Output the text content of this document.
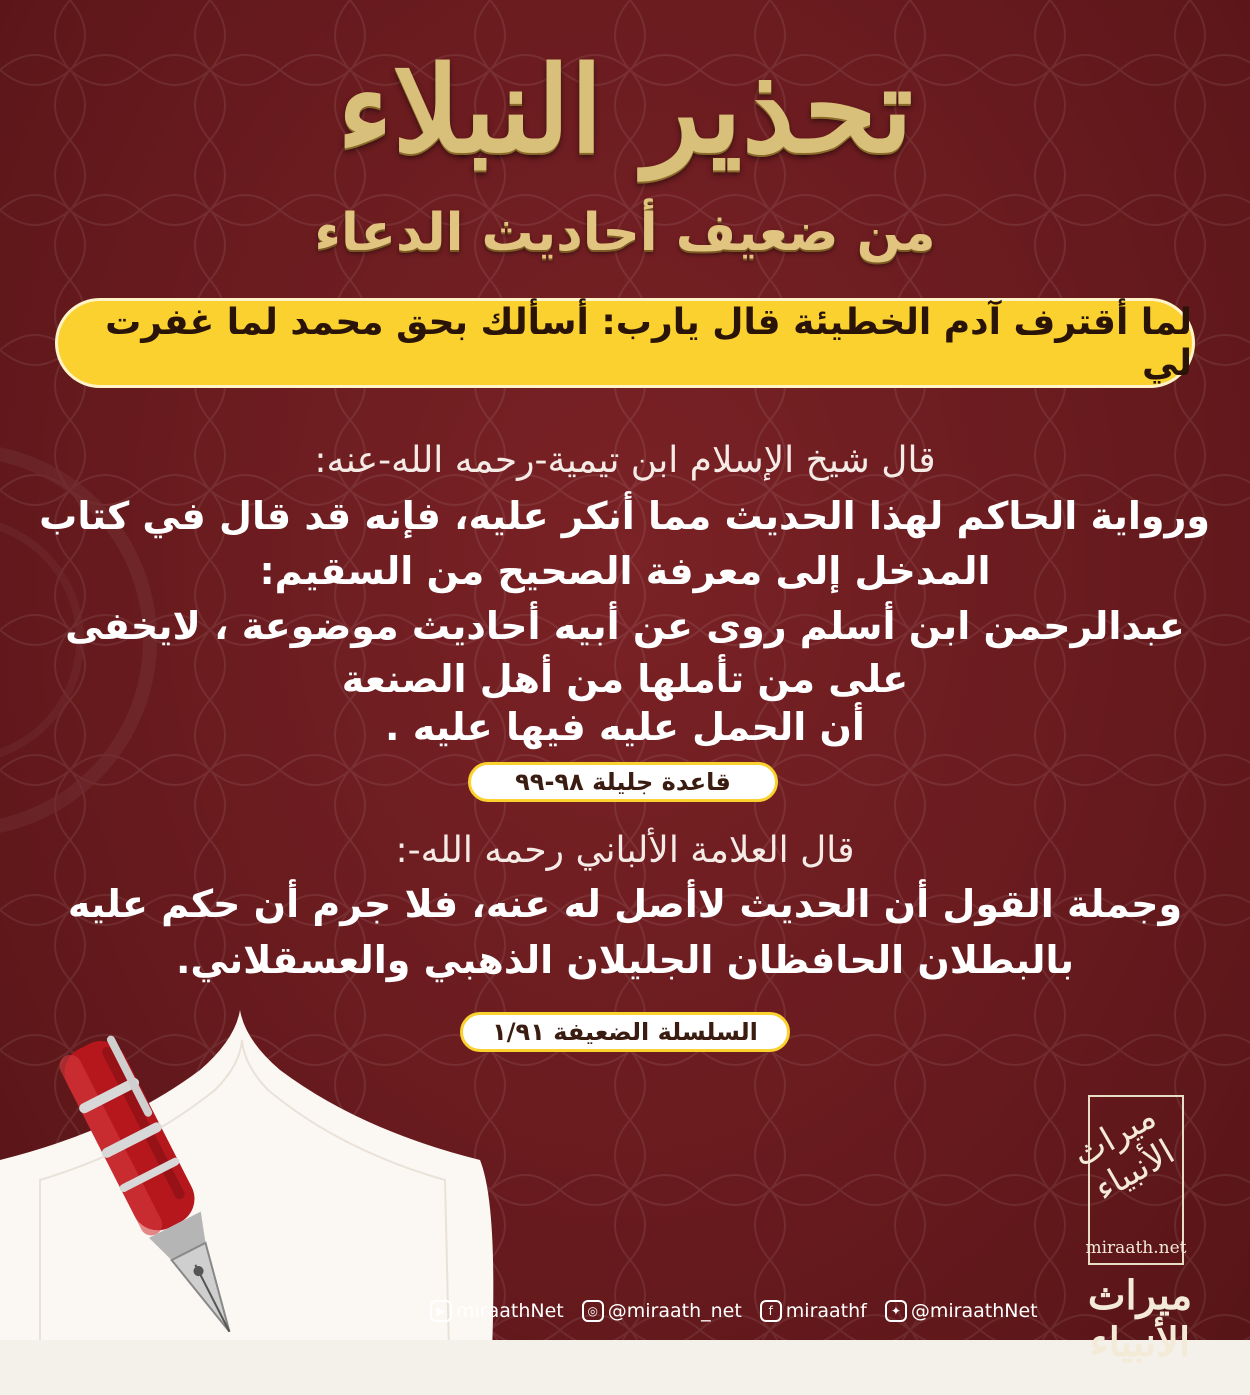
تحذير النبلاء
من ضعيف أحاديث الدعاء
لما أقترف آدم الخطيئة قال يارب: أسألك بحق محمد لما غفرت لي
قال شيخ الإسلام ابن تيمية-رحمه الله-عنه:
ورواية الحاكم لهذا الحديث مما أنكر عليه، فإنه قد قال في كتاب
المدخل إلى معرفة الصحيح من السقيم:
عبدالرحمن ابن أسلم روى عن أبيه أحاديث موضوعة ، لايخفى
على من تأملها من أهل الصنعة
أن الحمل عليه فيها عليه .
قاعدة جليلة ٩٨-٩٩
قال العلامة الألباني رحمه الله-:
وجملة القول أن الحديث لاأصل له عنه، فلا جرم أن حكم عليه
بالبطلان الحافظان الجليلان الذهبي والعسقلاني.
السلسلة الضعيفة ١/٩١
▶ miraathNet	◎ @miraath_net	f miraathf	✦ @miraathNet
ميراث الأنبياء
miraath.net
ميراث الأنبياء
